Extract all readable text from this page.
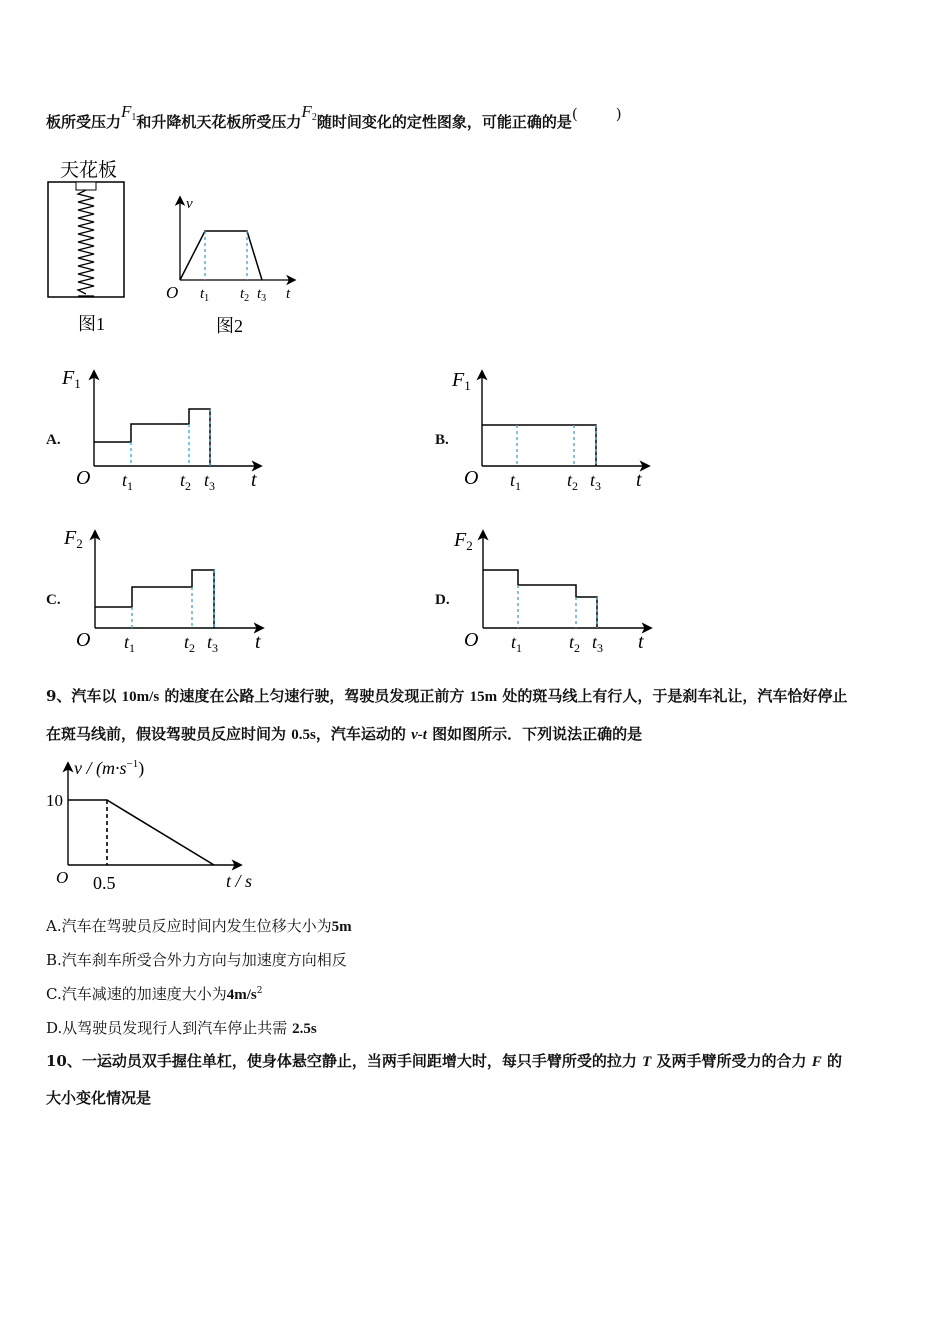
板所受压力$F_1$和升降机天花板所受压力$F_2$随时间变化的定性图象，可能正确的是(	)
天花板
图1
v
O $t_1$ $t_2$ $t_3$ t
图2
A.
$F_1$
O $t_1$	$t_2$ $t_3$ t
B.
$F_1$
O $t_1$	$t_2$ $t_3$ t
C.
$F_2$
O $t_1$	$t_2$ $t_3$ t
D.
$F_2$
O $t_1$	$t_2$ $t_3$ t
9、汽车以 10m/s 的速度在公路上匀速行驶，驾驶员发现正前方 15m 处的斑马线上有行人，于是刹车礼让，汽车恰好停止
在斑马线前，假设驾驶员反应时间为 0.5s，汽车运动的 v-t 图如图所示．下列说法正确的是
$v / (m\cdot s^{-1})$
10
O 0.5	t / s
A.汽车在驾驶员反应时间内发生位移大小为5m
B.汽车刹车所受合外力方向与加速度方向相反
C.汽车减速的加速度大小为$4m/s^2$
D.从驾驶员发现行人到汽车停止共需 2.5s
10、一运动员双手握住单杠，使身体悬空静止，当两手间距增大时，每只手臂所受的拉力 T 及两手臂所受力的合力 F 的
大小变化情况是
